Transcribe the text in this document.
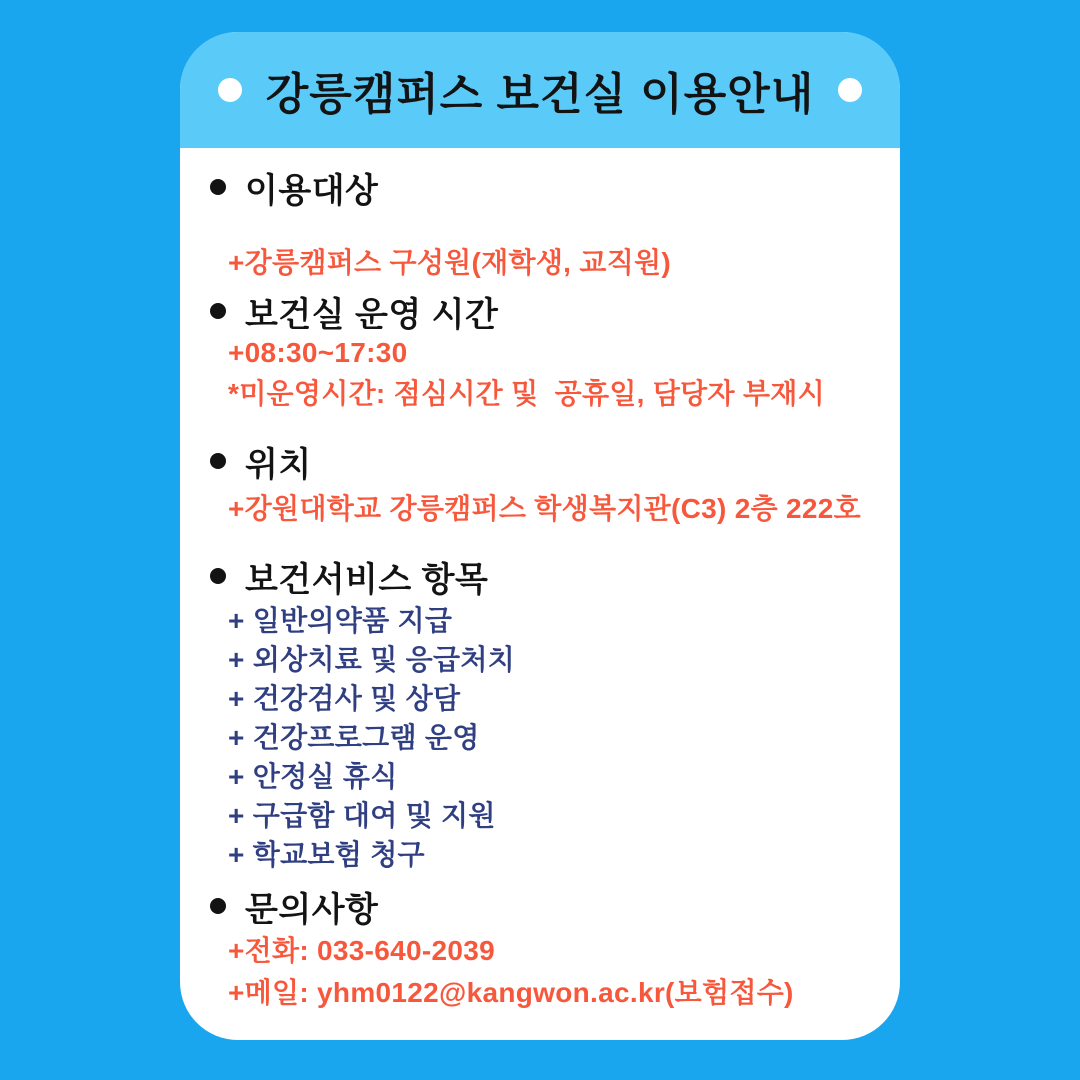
강릉캠퍼스 보건실 이용안내
이용대상
+강릉캠퍼스 구성원(재학생, 교직원)
보건실 운영 시간
+08:30~17:30
*미운영시간: 점심시간 및  공휴일, 담당자 부재시
위치
+강원대학교 강릉캠퍼스 학생복지관(C3) 2층 222호
보건서비스 항목
+ 일반의약품 지급
+ 외상치료 및 응급처치
+ 건강검사 및 상담
+ 건강프로그램 운영
+ 안정실 휴식
+ 구급함 대여 및 지원
+ 학교보험 청구
문의사항
+전화: 033-640-2039
+메일: yhm0122@kangwon.ac.kr(보험접수)
